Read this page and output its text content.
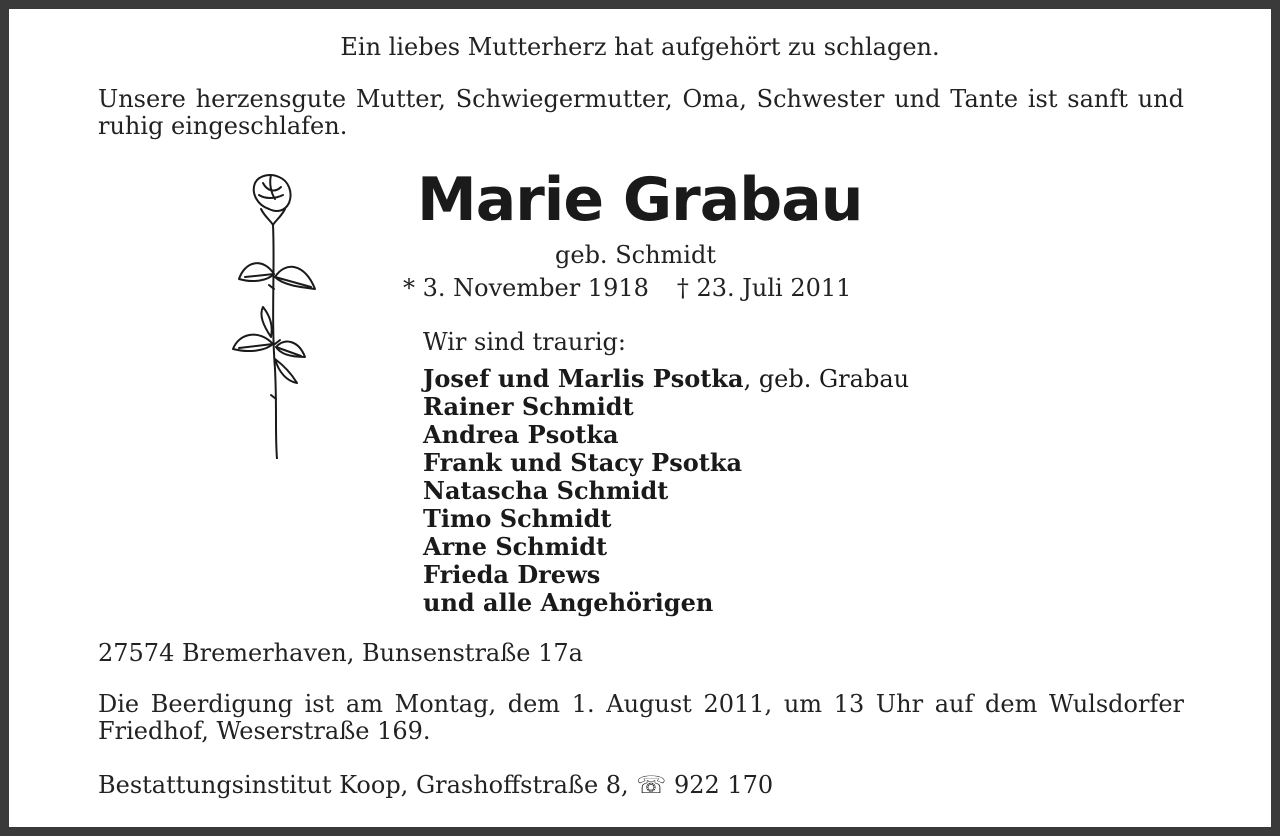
Ein liebes Mutterherz hat aufgehört zu schlagen.
Unsere herzensgute Mutter, Schwiegermutter, Oma, Schwester und Tante ist sanft und ruhig eingeschlafen.
Marie Grabau
geb. Schmidt
* 3. November 1918 † 23. Juli 2011
Wir sind traurig:
Josef und Marlis Psotka, geb. Grabau
Rainer Schmidt
Andrea Psotka
Frank und Stacy Psotka
Natascha Schmidt
Timo Schmidt
Arne Schmidt
Frieda Drews
und alle Angehörigen
27574 Bremerhaven, Bunsenstraße 17a
Die Beerdigung ist am Montag, dem 1. August 2011, um 13 Uhr auf dem Wulsdorfer Friedhof, Weserstraße 169.
Bestattungsinstitut Koop, Grashoffstraße 8, ☏ 922 170
